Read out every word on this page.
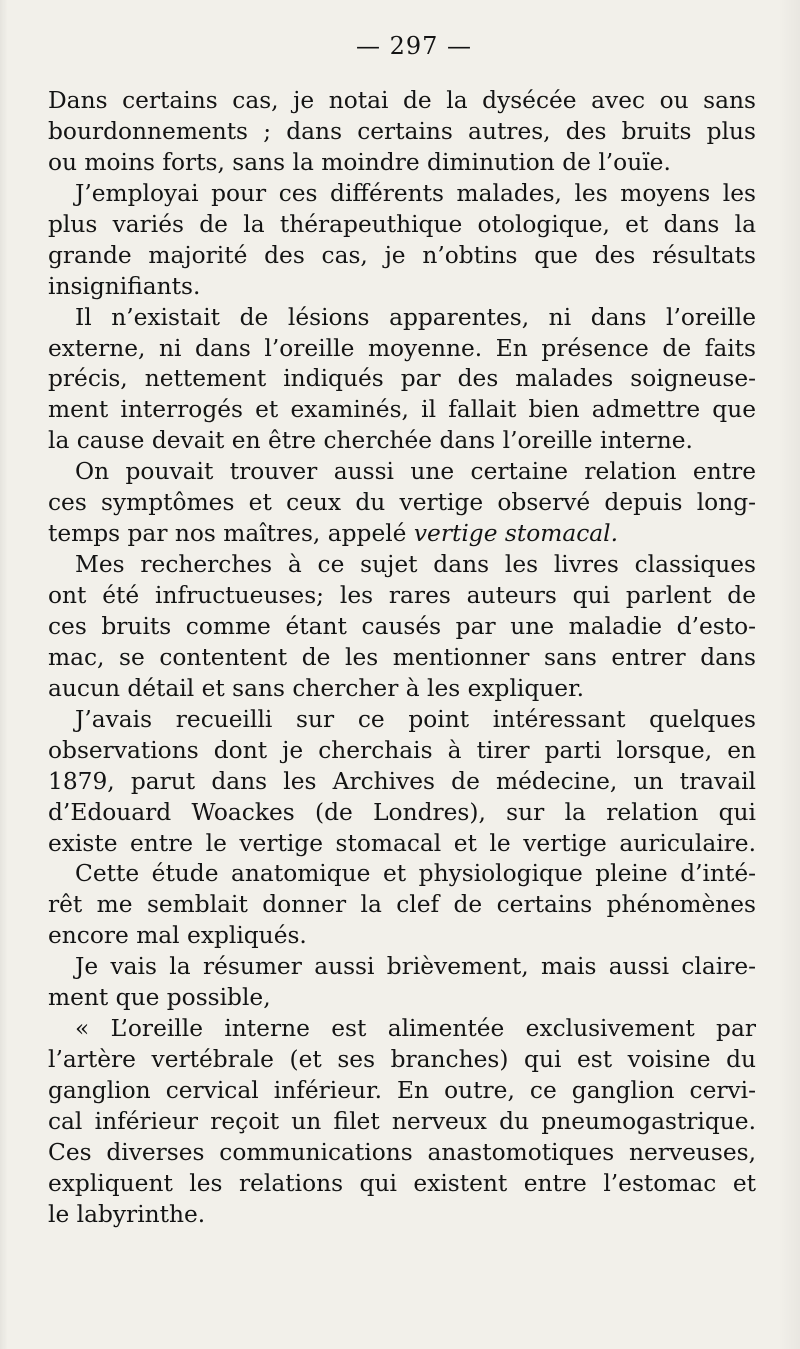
— 297 —
Dans certains cas, je notai de la dysécée avec ou sans
bourdonnements ; dans certains autres, des bruits plus
ou moins forts, sans la moindre diminution de l’ouïe.
J’employai pour ces différents malades, les moyens les
plus variés de la thérapeuthique otologique, et dans la
grande majorité des cas, je n’obtins que des résultats
insignifiants.
Il n’existait de lésions apparentes, ni dans l’oreille
externe, ni dans l’oreille moyenne. En présence de faits
précis, nettement indiqués par des malades soigneuse-
ment interrogés et examinés, il fallait bien admettre que
la cause devait en être cherchée dans l’oreille interne.
On pouvait trouver aussi une certaine relation entre
ces symptômes et ceux du vertige observé depuis long-
temps par nos maîtres, appelé vertige stomacal.
Mes recherches à ce sujet dans les livres classiques
ont été infructueuses; les rares auteurs qui parlent de
ces bruits comme étant causés par une maladie d’esto-
mac, se contentent de les mentionner sans entrer dans
aucun détail et sans chercher à les expliquer.
J’avais recueilli sur ce point intéressant quelques
observations dont je cherchais à tirer parti lorsque, en
1879, parut dans les Archives de médecine, un travail
d’Edouard Woackes (de Londres), sur la relation qui
existe entre le vertige stomacal et le vertige auriculaire.
Cette étude anatomique et physiologique pleine d’inté-
rêt me semblait donner la clef de certains phénomènes
encore mal expliqués.
Je vais la résumer aussi brièvement, mais aussi claire-
ment que possible,
« L’oreille interne est alimentée exclusivement par
l’artère vertébrale (et ses branches) qui est voisine du
ganglion cervical inférieur. En outre, ce ganglion cervi-
cal inférieur reçoit un filet nerveux du pneumogastrique.
Ces diverses communications anastomotiques nerveuses,
expliquent les relations qui existent entre l’estomac et
le labyrinthe.
